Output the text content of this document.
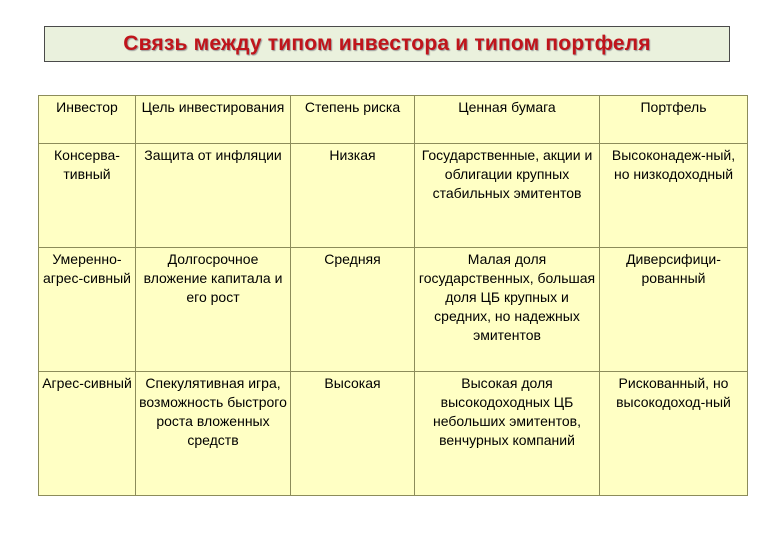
Связь между типом инвестора и типом портфеля
Инвестор	Цель инвестирования	Степень риска	Ценная бумага	Портфель
Консерва-тивный	Защита от инфляции	Низкая	Государственные, акции и облигации крупных стабильных эмитентов	Высоконадеж-ный, но низкодоходный
Умеренно-агрес-сивный	Долгосрочное вложение капитала и его рост	Средняя	Малая доля государственных, большая доля ЦБ крупных и средних, но надежных эмитентов	Диверсифици-рованный
Агрес-сивный	Спекулятивная игра, возможность быстрого роста вложенных средств	Высокая	Высокая доля высокодоходных ЦБ небольших эмитентов, венчурных компаний	Рискованный, но высокодоход-ный
